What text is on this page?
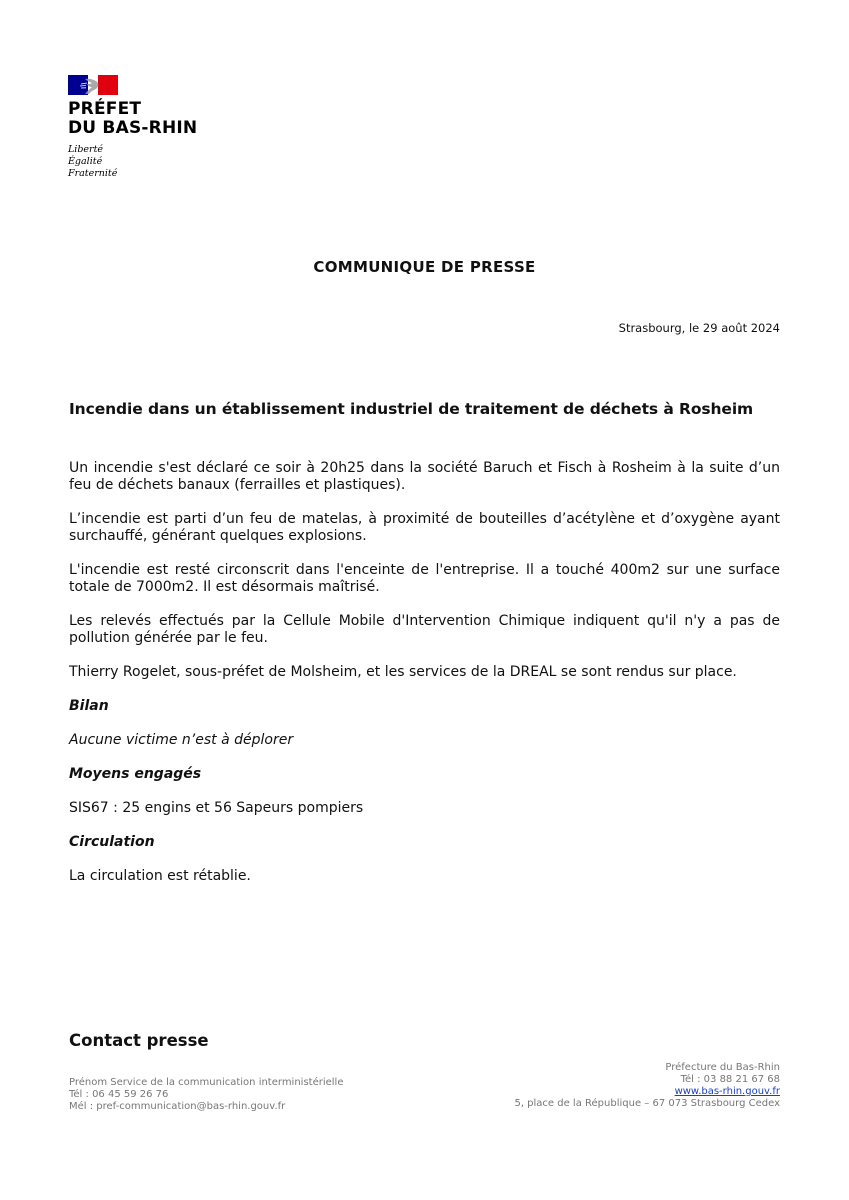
PRÉFET
DU BAS-RHIN
Liberté
Égalité
Fraternité
COMMUNIQUE DE PRESSE
Strasbourg, le 29 août 2024
Incendie dans un établissement industriel de traitement de déchets à Rosheim

Un incendie s'est déclaré ce soir à 20h25 dans la société Baruch et Fisch à Rosheim à la suite d’un feu de déchets banaux (ferrailles et plastiques).

L’incendie est parti d’un feu de matelas, à proximité de bouteilles d’acétylène et d’oxygène ayant surchauffé, générant quelques explosions.

L'incendie est resté circonscrit dans l'enceinte de l'entreprise. Il a touché 400m2 sur une surface totale de 7000m2. Il est désormais maîtrisé.

Les relevés effectués par la Cellule Mobile d'Intervention Chimique indiquent qu'il n'y a pas de pollution générée par le feu.

Thierry Rogelet, sous-préfet de Molsheim, et les services de la DREAL se sont rendus sur place.

Bilan

Aucune victime n’est à déplorer

Moyens engagés

SIS67 : 25 engins et 56 Sapeurs pompiers

Circulation

La circulation est rétablie.

Contact presse
Prénom Service de la communication interministérielle
Tél : 06 45 59 26 76
Mél : pref-communication@bas-rhin.gouv.fr
Préfecture du Bas-Rhin
Tél : 03 88 21 67 68
www.bas-rhin.gouv.fr
5, place de la République – 67 073 Strasbourg Cedex
